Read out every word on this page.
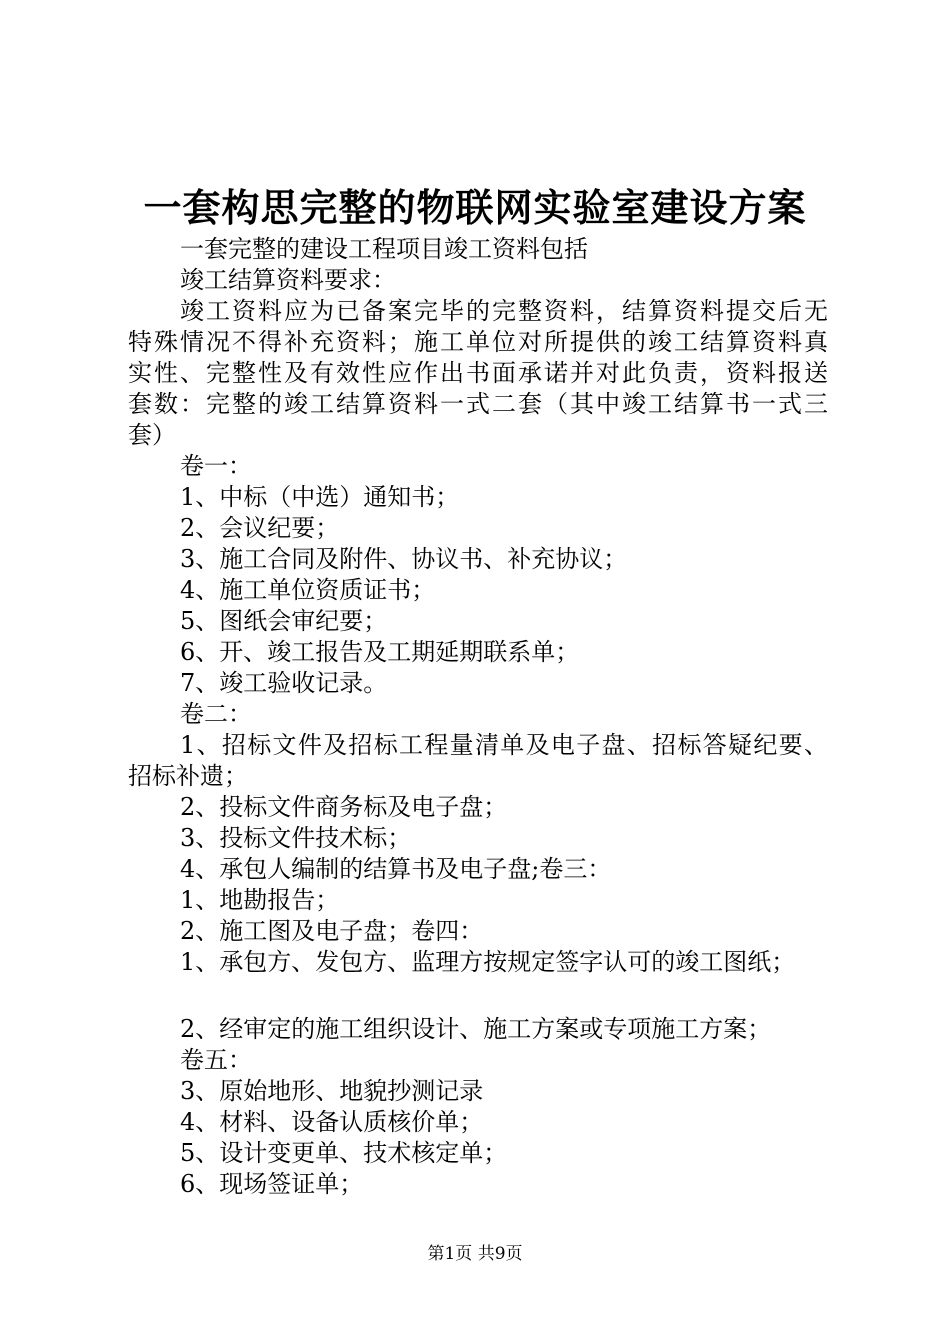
一套构思完整的物联网实验室建设方案
一套完整的建设工程项目竣工资料包括
竣工结算资料要求：
竣工资料应为已备案完毕的完整资料，结算资料提交后无
特殊情况不得补充资料；施工单位对所提供的竣工结算资料真
实性、完整性及有效性应作出书面承诺并对此负责，资料报送
套数：完整的竣工结算资料一式二套（其中竣工结算书一式三
套）
卷一：
1、中标（中选）通知书；
2、会议纪要；
3、施工合同及附件、协议书、补充协议；
4、施工单位资质证书；
5、图纸会审纪要；
6、开、竣工报告及工期延期联系单；
7、竣工验收记录。
卷二：
1、招标文件及招标工程量清单及电子盘、招标答疑纪要、
招标补遗；
2、投标文件商务标及电子盘；
3、投标文件技术标；
4、承包人编制的结算书及电子盘;卷三：
1、地勘报告；
2、施工图及电子盘；卷四：
1、承包方、发包方、监理方按规定签字认可的竣工图纸；
2、经审定的施工组织设计、施工方案或专项施工方案；
卷五：
3、原始地形、地貌抄测记录
4、材料、设备认质核价单；
5、设计变更单、技术核定单；
6、现场签证单；
第1页 共9页
